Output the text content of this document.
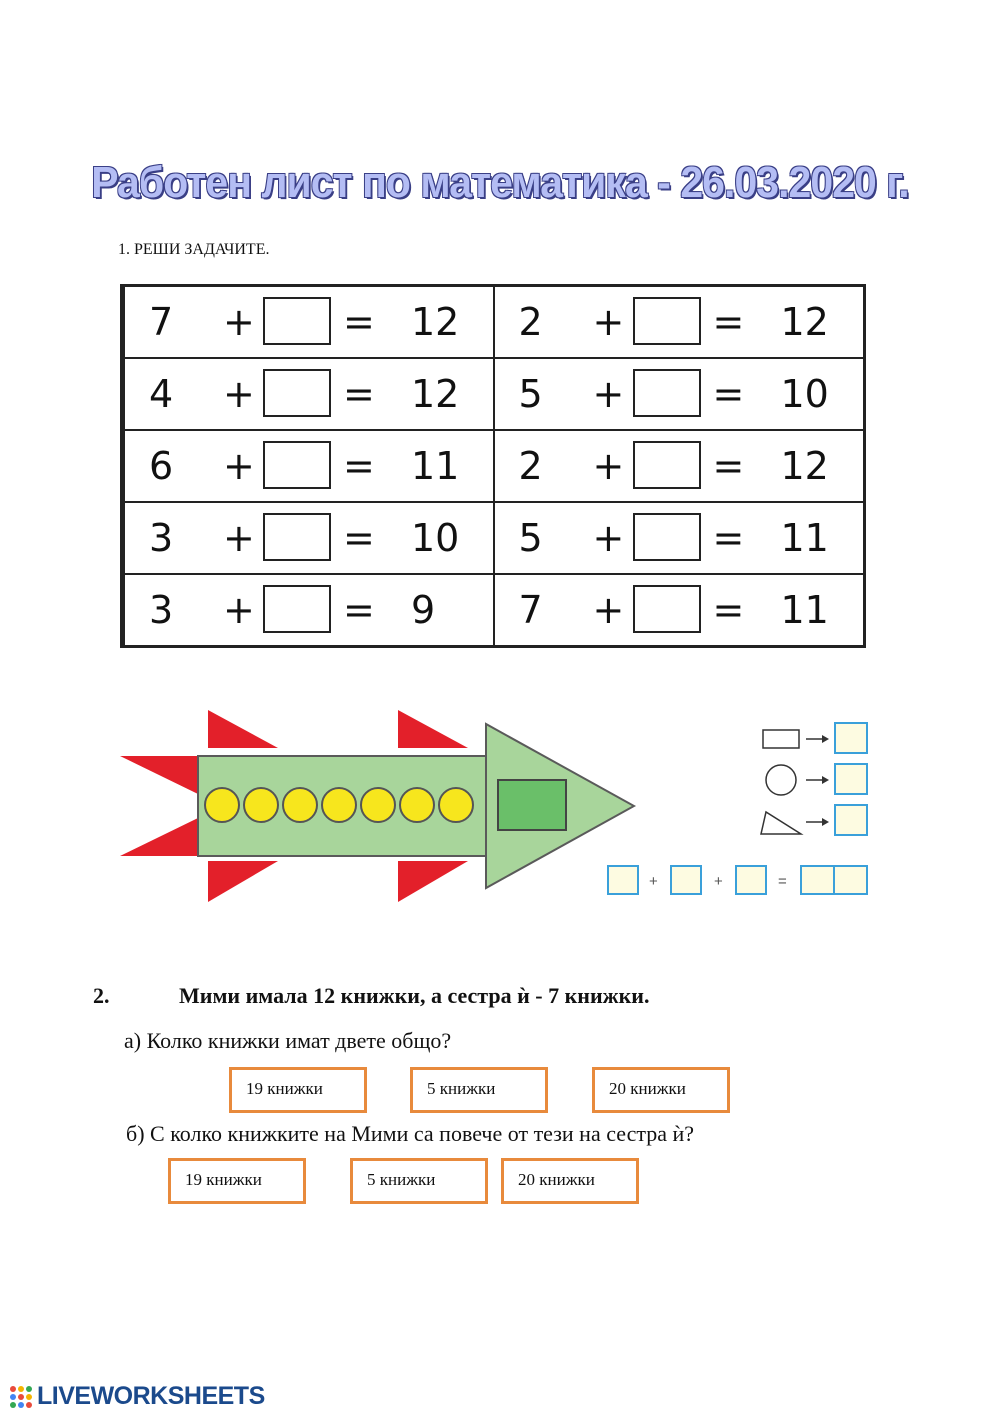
Работен лист по математика - 26.03.2020 г.
1. РЕШИ ЗАДАЧИТЕ.
7 + = 12	2 + = 12

4 + = 12	5 + = 10

6 + = 11	2 + = 12

3 + = 10	5 + = 11

3 + = 9	7 + = 11
+	+	=
2.	Мими имала 12 книжки, а сестра ѝ - 7 книжки.
а) Колко книжки имат двете общо?
19 книжки	5 книжки	20 книжки
б) С колко книжките на Мими са повече от тези на сестра ѝ?
19 книжки	5 книжки	20 книжки
LIVEWORKSHEETS
